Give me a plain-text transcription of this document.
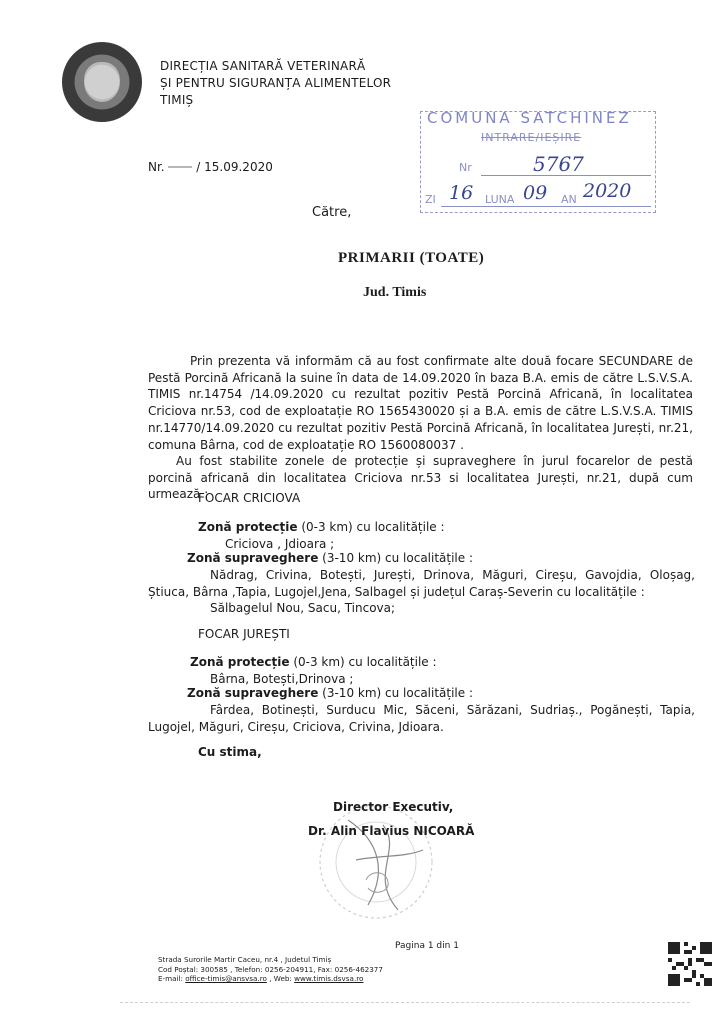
DIRECȚIA SANITARĂ VETERINARĂ
ȘI PENTRU SIGURANȚA ALIMENTELOR
TIMIȘ
Nr.	/ 15.09.2020
COMUNA SATCHINEZ
INTRARE/IEȘIRE
Nr	5767
ZI 16 LUNA 09 AN 2020
Către,
PRIMARII (TOATE)
Jud. Timis
Prin prezenta vă informăm că au fost confirmate alte două focare SECUNDARE de Pestă Porcină Africană la suine în data de 14.09.2020 în baza B.A. emis de către L.S.V.S.A. TIMIS nr.14754 /14.09.2020 cu rezultat pozitiv Pestă Porcină Africană, în localitatea Criciova nr.53, cod de exploatație RO 1565430020 și a B.A. emis de către L.S.V.S.A. TIMIS nr.14770/14.09.2020 cu rezultat pozitiv Pestă Porcină Africană, în localitatea Jurești, nr.21, comuna Bârna, cod de exploatație RO 1560080037 .
Au fost stabilite zonele de protecție și supraveghere în jurul focarelor de pestă porcină africană din localitatea Criciova nr.53 si localitatea Jurești, nr.21, după cum urmează :
FOCAR CRICIOVA
Zonă protecție (0-3 km) cu localitățile :
Criciova , Jdioara ;
Zonă supraveghere (3-10 km) cu localitățile :
Nădrag, Crivina, Botești, Jurești, Drinova, Măguri, Cireșu, Gavojdia, Oloșag, Știuca, Bârna ,Tapia, Lugojel,Jena, Salbagel și județul Caraș-Severin cu localitățile :
Sălbagelul Nou, Sacu, Tincova;
FOCAR JUREȘTI
Zonă protecție (0-3 km) cu localitățile :
Bârna, Botești,Drinova ;
Zonă supraveghere (3-10 km) cu localitățile :
Fârdea, Botinești, Surducu Mic, Săceni, Sărăzani, Sudriaș., Pogănești, Tapia, Lugojel, Măguri, Cireșu, Criciova, Crivina, Jdioara.
Cu stima,
Director Executiv,
Dr. Alin Flavius NICOARĂ
Pagina 1 din 1
Strada Surorile Martir Caceu, nr.4 , Judetul Timiș
Cod Poștal: 300585 , Telefon: 0256-204911, Fax: 0256-462377
E-mail: office-timis@ansvsa.ro , Web: www.timis.dsvsa.ro
